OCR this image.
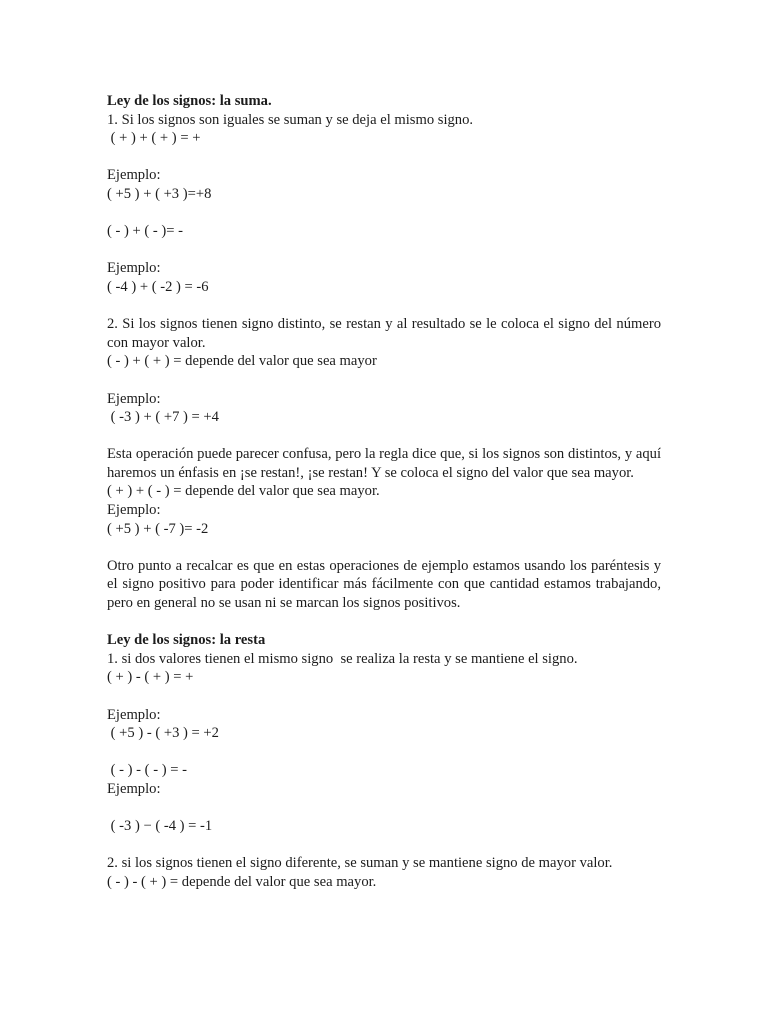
Ley de los signos: la suma.
1. Si los signos son iguales se suman y se deja el mismo signo.
( + ) + ( + ) = +
Ejemplo:
( +5 ) + ( +3 )=+8
( - ) + ( - )= -
Ejemplo:
( -4 ) + ( -2 ) = -6
2. Si los signos tienen signo distinto, se restan y al resultado se le coloca el signo del número con mayor valor.
( - ) + ( + ) = depende del valor que sea mayor
Ejemplo:
( -3 ) + ( +7 ) = +4
Esta operación puede parecer confusa, pero la regla dice que, si los signos son distintos, y aquí haremos un énfasis en ¡se restan!, ¡se restan! Y se coloca el signo del valor que sea mayor.
( + ) + ( - ) = depende del valor que sea mayor.
Ejemplo:
( +5 ) + ( -7 )= -2
Otro punto a recalcar es que en estas operaciones de ejemplo estamos usando los paréntesis y el signo positivo para poder identificar más fácilmente con que cantidad estamos trabajando, pero en general no se usan ni se marcan los signos positivos.
Ley de los signos: la resta
1. si dos valores tienen el mismo signo  se realiza la resta y se mantiene el signo.
( + ) - ( + ) = +
Ejemplo:
( +5 ) - ( +3 ) = +2
( - ) - ( - ) = -
Ejemplo:
( -3 ) − ( -4 ) = -1
2. si los signos tienen el signo diferente, se suman y se mantiene signo de mayor valor.
( - ) - ( + ) = depende del valor que sea mayor.
